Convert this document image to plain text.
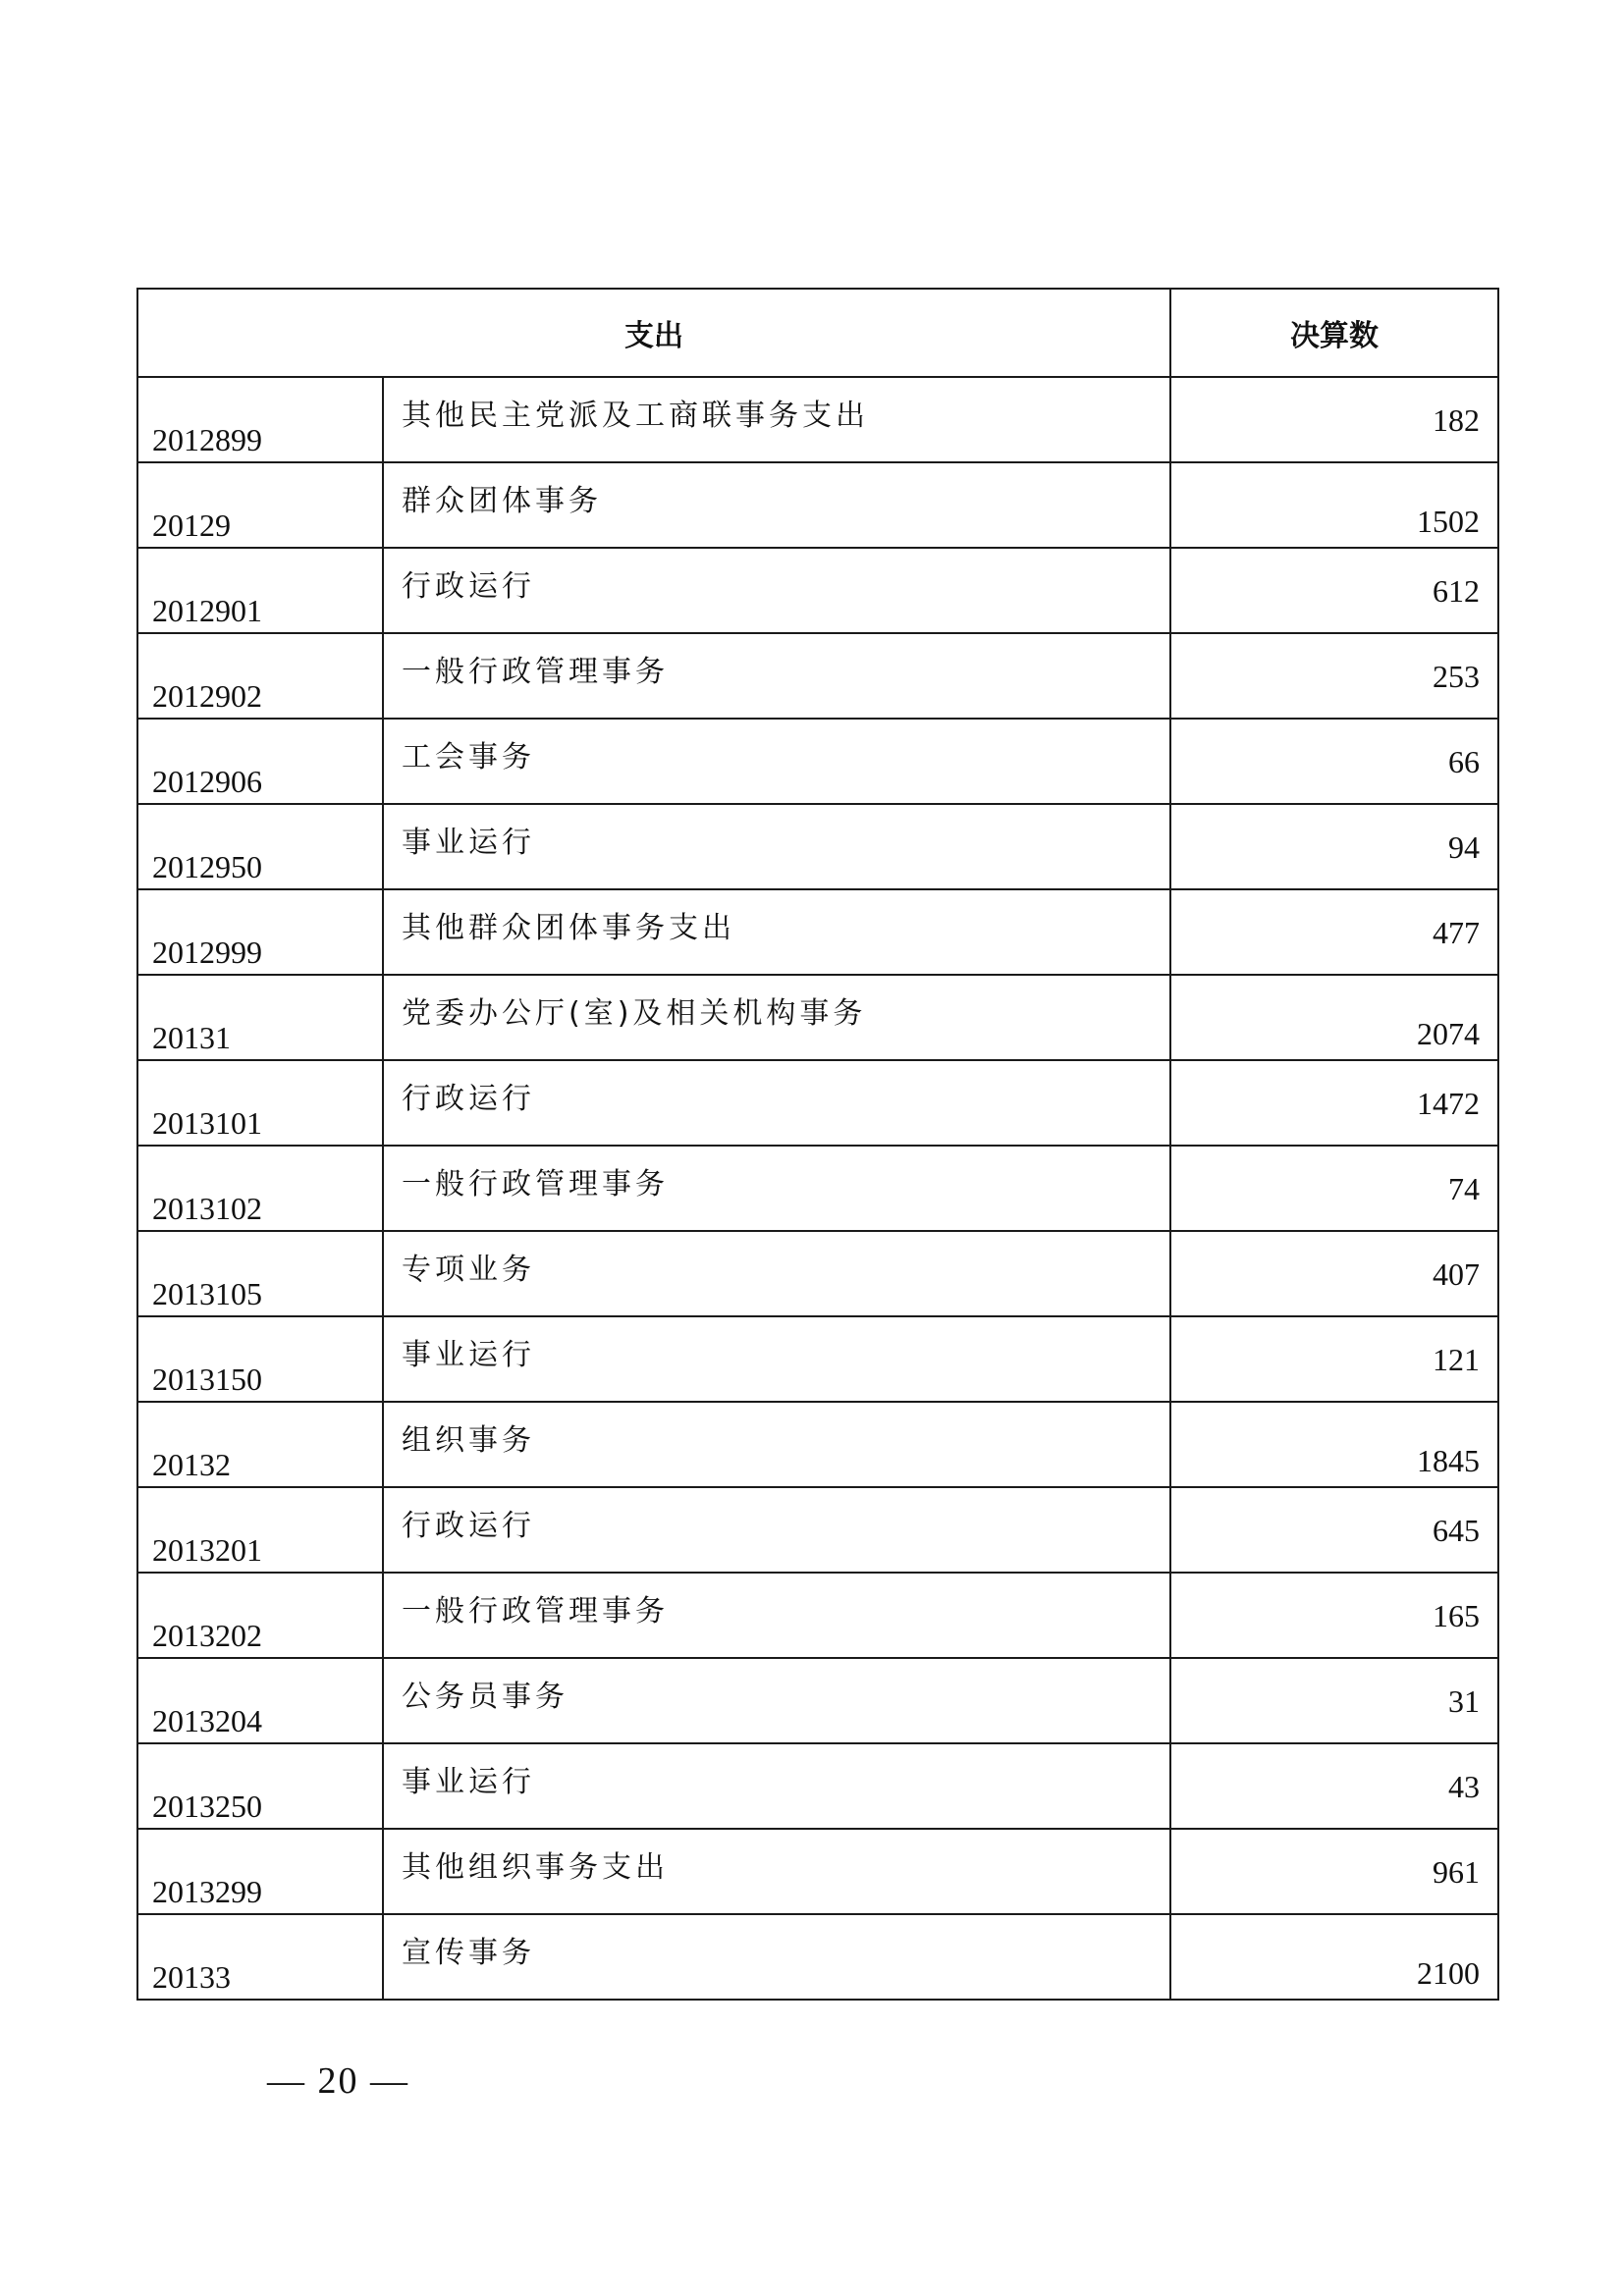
支出		决算数
2012899	其他民主党派及工商联事务支出	182
20129	群众团体事务	1502
2012901	行政运行	612
2012902	一般行政管理事务	253
2012906	工会事务	66
2012950	事业运行	94
2012999	其他群众团体事务支出	477
20131	党委办公厅(室)及相关机构事务	2074
2013101	行政运行	1472
2013102	一般行政管理事务	74
2013105	专项业务	407
2013150	事业运行	121
20132	组织事务	1845
2013201	行政运行	645
2013202	一般行政管理事务	165
2013204	公务员事务	31
2013250	事业运行	43
2013299	其他组织事务支出	961
20133	宣传事务	2100
— 20 —
